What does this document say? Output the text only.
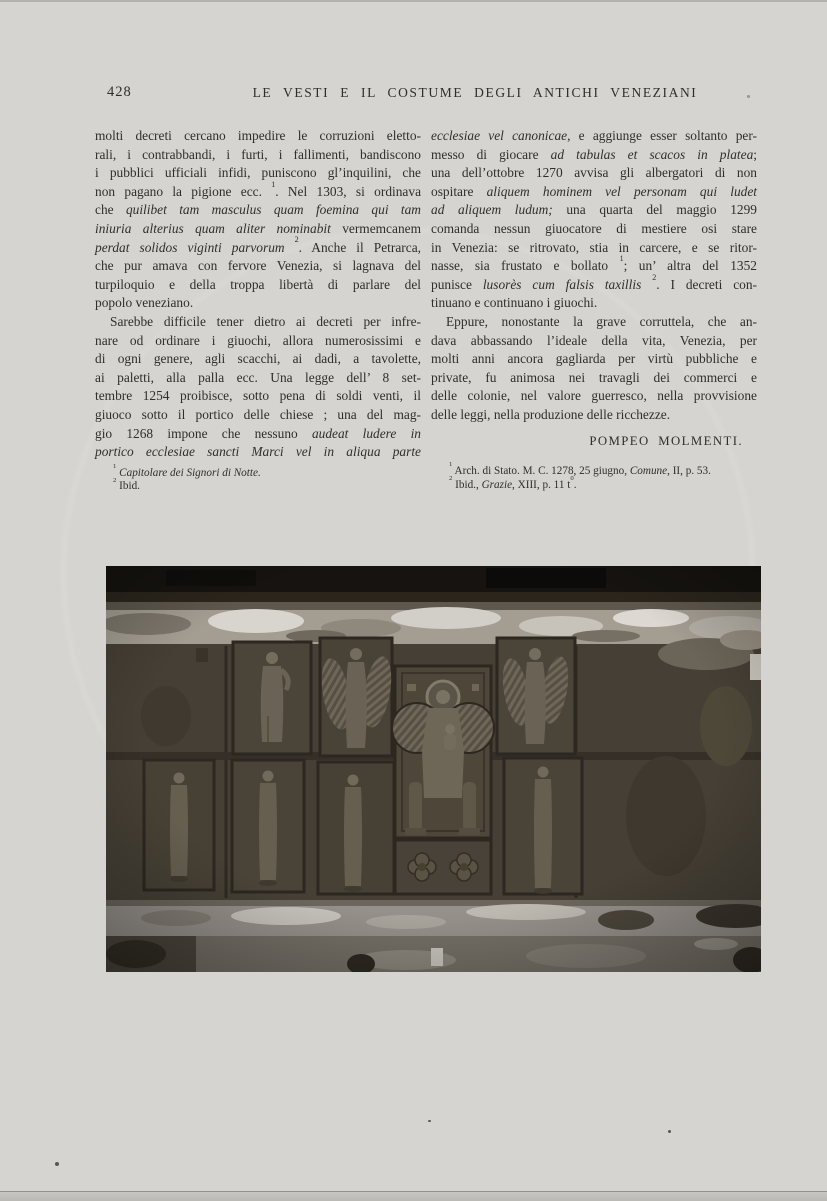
428	LE VESTI E IL COSTUME DEGLI ANTICHI VENEZIANI
molti decreti cercano impedire le corruzioni eletto-
rali, i contrabbandi, i furti, i fallimenti, bandiscono
i pubblici ufficiali infidi, puniscono gl’inquilini, che
non pagano la pigione ecc. $^1$. Nel 1303, si ordinava
che quilibet tam masculus quam foemina qui tam
iniuria alterius quam aliter nominabit vermemcanem
perdat solidos viginti parvorum $^2$. Anche il Petrarca,
che pur amava con fervore Venezia, si lagnava del
turpiloquio e della troppa libertà di parlare del
popolo veneziano.
Sarebbe difficile tener dietro ai decreti per infre-
nare od ordinare i giuochi, allora numerosissimi e
di ogni genere, agli scacchi, ai dadi, a tavolette,
ai paletti, alla palla ecc. Una legge dell’ 8 set-
tembre 1254 proibisce, sotto pena di soldi venti, il
giuoco sotto il portico delle chiese ; una del mag-
gio 1268 impone che nessuno audeat ludere in
portico ecclesiae sancti Marci vel in aliqua parte
$^1$ Capitolare dei Signori di Notte.
$^2$ Ibid.
ecclesiae vel canonicae, e aggiunge esser soltanto per-
messo di giocare ad tabulas et scacos in platea;
una dell’ottobre 1270 avvisa gli albergatori di non
ospitare aliquem hominem vel personam qui ludet
ad aliquem ludum; una quarta del maggio 1299
comanda nessun giuocatore di mestiere osi stare
in Venezia: se ritrovato, stia in carcere, e se ritor-
nasse, sia frustato e bollato $^1$; un’ altra del 1352
punisce lusorès cum falsis taxillis $^2$. I decreti con-
tinuano e continuano i giuochi.
Eppure, nonostante la grave corruttela, che an-
dava abbassando l’ideale della vita, Venezia, per
molti anni ancora gagliarda per virtù pubbliche e
private, fu animosa nei travagli dei commerci e
delle colonie, nel valore guerresco, nella provvisione
delle leggi, nella produzione delle ricchezze.
POMPEO MOLMENTI.
$^1$ Arch. di Stato. M. C. 1278, 25 giugno, Comune, II, p. 53.
$^2$ Ibid., Grazie, XIII, p. 11 $t^0$.
